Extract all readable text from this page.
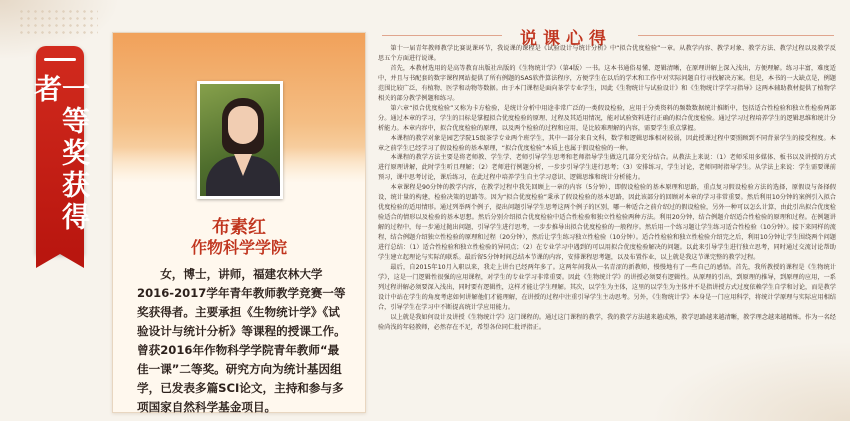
一等奖获得者
布素红
作物科学学院
女，博士，讲师，福建农林大学2016-2017学年青年教师教学竞赛一等奖获得者。主要承担《生物统计学》《试验设计与统计分析》等课程的授课工作。曾获2016年作物科学学院青年教师“最佳一课”二等奖。研究方向为统计基因组学，已发表多篇SCI论文，主持和参与多项国家自然科学基金项目。
说课心得

第十一届青年教师教学比赛说课环节，我说课的课程是《试验设计与统计分析》中“拟合优度检验”一章。从教学内容、教学对象、教学方法、教学过程以及教学反思五个方面进行说课。

首先，本教材选用的是高等教育出版社出版的《生物统计学》（第4版）一书。这本书通俗易懂、逻辑清晰，在原理讲解上深入浅出，方便理解。练习丰富，难度适中，并且与书配套的数字课程网站提供了所有例题的SAS软件算法程序，方便学生在以后的学术和工作中对实际问题自行寻找解决方案。但是，本书的一大缺点是，例题范围比较广泛，有植物、医学和动物等数据。由于本门课程是面向茶学专业学生，因此《生物统计与试验设计》和《生物统计学学习指导》这两本辅助教材提供了植物学相关的部分教学例题和练习。

第六章“拟合优度检验”又称为卡方检验，是统计分析中用途非常广泛的一类假设检验，应用于分类资料的频数数据统计推断中，包括适合性检验和独立性检验两部分。通过本章的学习，学生的目标是掌握拟合优度检验的原理、过程及其适用情况，能对试验资料进行正确的拟合优度检验。通过学习过程培养学生的逻辑思维和统计分析能力。本章内容中，拟合优度检验的原理，以及两个检验的过程和应用，是比较难理解的内容，需要学生重点掌握。

本课程的教学对象是园艺学院15级茶学专业两个班学生，其中一部分来自文科，数学和逻辑思维相对较弱，因此授课过程中要照顾到不同背景学生的接受程度。本章之前学生已经学习了假设检验的基本原理，“拟合优度检验”本质上也属于假设检验的一种。

本课程的教学方法主要是将老师教、学生学、老师引导学生思考和老师指导学生做这几部分充分结合。从教法上来说：（1）老师采用多媒体、板书以及讲授的方式进行原理讲解，此时学生听且理解；（2）老师进行例题分析，一步步引导学生进行思考；（3）安排练习，学生讨论，老师同时指导学生。从学法上来说：学生需要课前预习，课中思考讨论，课后练习，在此过程中培养学生自主学习意识、逻辑思维和统计分析能力。

本章课程是90分钟的教学内容，在教学过程中我先回顾上一章的内容（5分钟），即假设检验的基本原理和思路，重点复习假设检验方法的选择，原假设与备择假设，统计量的构建，检验决策的思路等。因为“拟合优度检验”秉承了假设检验的基本思路，因此该部分的回顾对本章的学习非常重要。然后利用10分钟的案例引入拟合优度检验的适用情形。通过列举两个例子，提出问题引导学生思考这两个例子的区别，哪一种适合之前介绍过的假设检验，另外一种可以怎么计算，由此引出拟合优度检验适合的情形以及检验的基本思想。然后分别介绍拟合优度检验中适合性检验和独立性检验两种方法。利用20分钟，结合例题介绍适合性检验的原理和过程。在例题讲解的过程中，每一步通过抛出问题，引导学生进行思考，一步步推导出拟合优度检验的一般程序。然后用一个练习题让学生练习适合性检验（10分钟）。接下来同样的流程，结合例题介绍独立性检验的原理和过程（20分钟），然后让学生练习独立性检验（10分钟）。适合性检验和独立性检验介绍完之后，利用10分钟让学生围绕两个问题进行总结：（1）适合性检验和独立性检验的异同点；（2）在专业学习中遇到的可以用拟合优度检验解决的问题。以此来引导学生进行独立思考，同时通过交流讨论帮助学生建立起理论与实际的联系。最后留5分钟时间总结本节课的内容，安排课程思考题，以及布置作业，以上就是我这节课完整的教学过程。

最后，自2015年10月入职以来，我走上讲台已经两年多了。这两年间我从一名青涩的新教师，慢慢地有了一些自己的感悟。首先，我所教授的课程是《生物统计学》，这是一门逻辑性很强的应用课程，对学生的专业学习非常重要。因此《生物统计学》的讲授必须要有逻辑性。从原理的引出，到原理的推导，到原理的应用，一系列过程讲解必须要深入浅出，同时要有逻辑性，这样才能让学生理解。其次，以学生为主体，这里的以学生为主体并不是指讲授方式过度依赖学生自学和讨论，而是教学设计中站在学生的角度考虑如何讲解他们才能理解，在讲授的过程中注重引导学生主动思考。另外，《生物统计学》本身是一门应用科学，将统计学原理与实际应用相结合，引导学生在学习中不断提高统计学应用能力。

以上就是我如何设计及讲授《生物统计学》这门课程的。通过这门课程的教学，我的教学方法越来越成熟，教学思路越来越清晰，教学理念越来越精炼。作为一名经验尚浅的年轻教师，必然存在不足，希望各位同仁批评指正。
